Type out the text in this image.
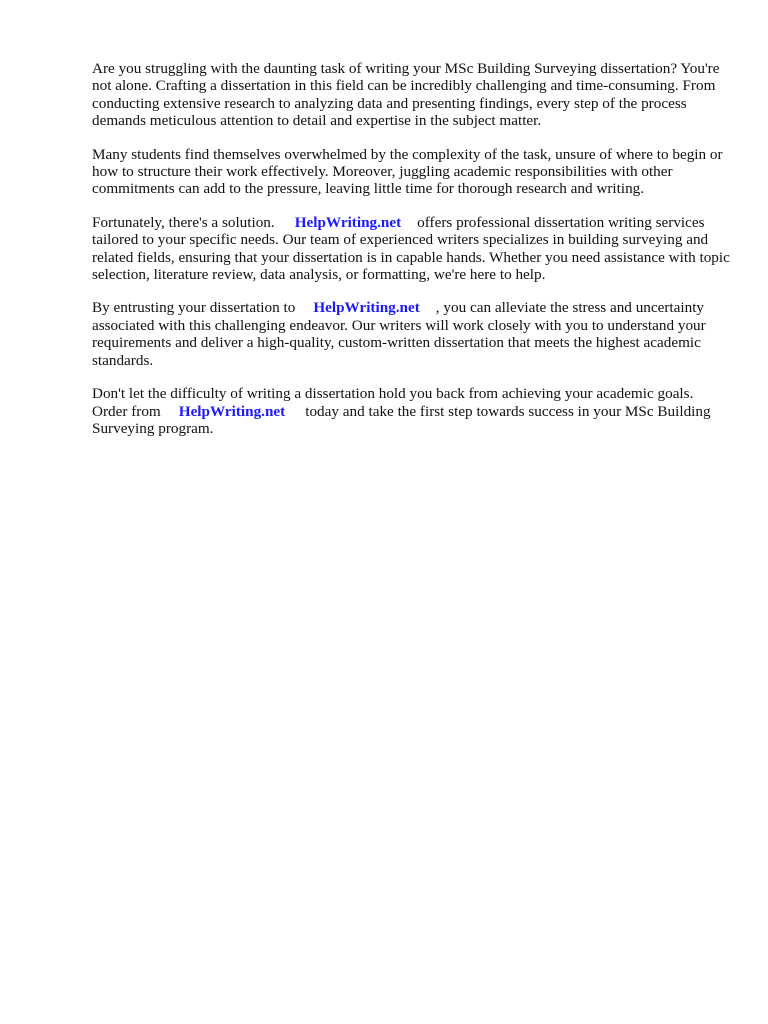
Are you struggling with the daunting task of writing your MSc Building Surveying dissertation? You're not alone. Crafting a dissertation in this field can be incredibly challenging and time-consuming. From conducting extensive research to analyzing data and presenting findings, every step of the process demands meticulous attention to detail and expertise in the subject matter.

Many students find themselves overwhelmed by the complexity of the task, unsure of where to begin or how to structure their work effectively. Moreover, juggling academic responsibilities with other commitments can add to the pressure, leaving little time for thorough research and writing.

Fortunately, there's a solution. HelpWriting.net offers professional dissertation writing services tailored to your specific needs. Our team of experienced writers specializes in building surveying and related fields, ensuring that your dissertation is in capable hands. Whether you need assistance with topic selection, literature review, data analysis, or formatting, we're here to help.

By entrusting your dissertation to HelpWriting.net , you can alleviate the stress and uncertainty associated with this challenging endeavor. Our writers will work closely with you to understand your requirements and deliver a high-quality, custom-written dissertation that meets the highest academic standards.

Don't let the difficulty of writing a dissertation hold you back from achieving your academic goals. Order from HelpWriting.net today and take the first step towards success in your MSc Building Surveying program.
